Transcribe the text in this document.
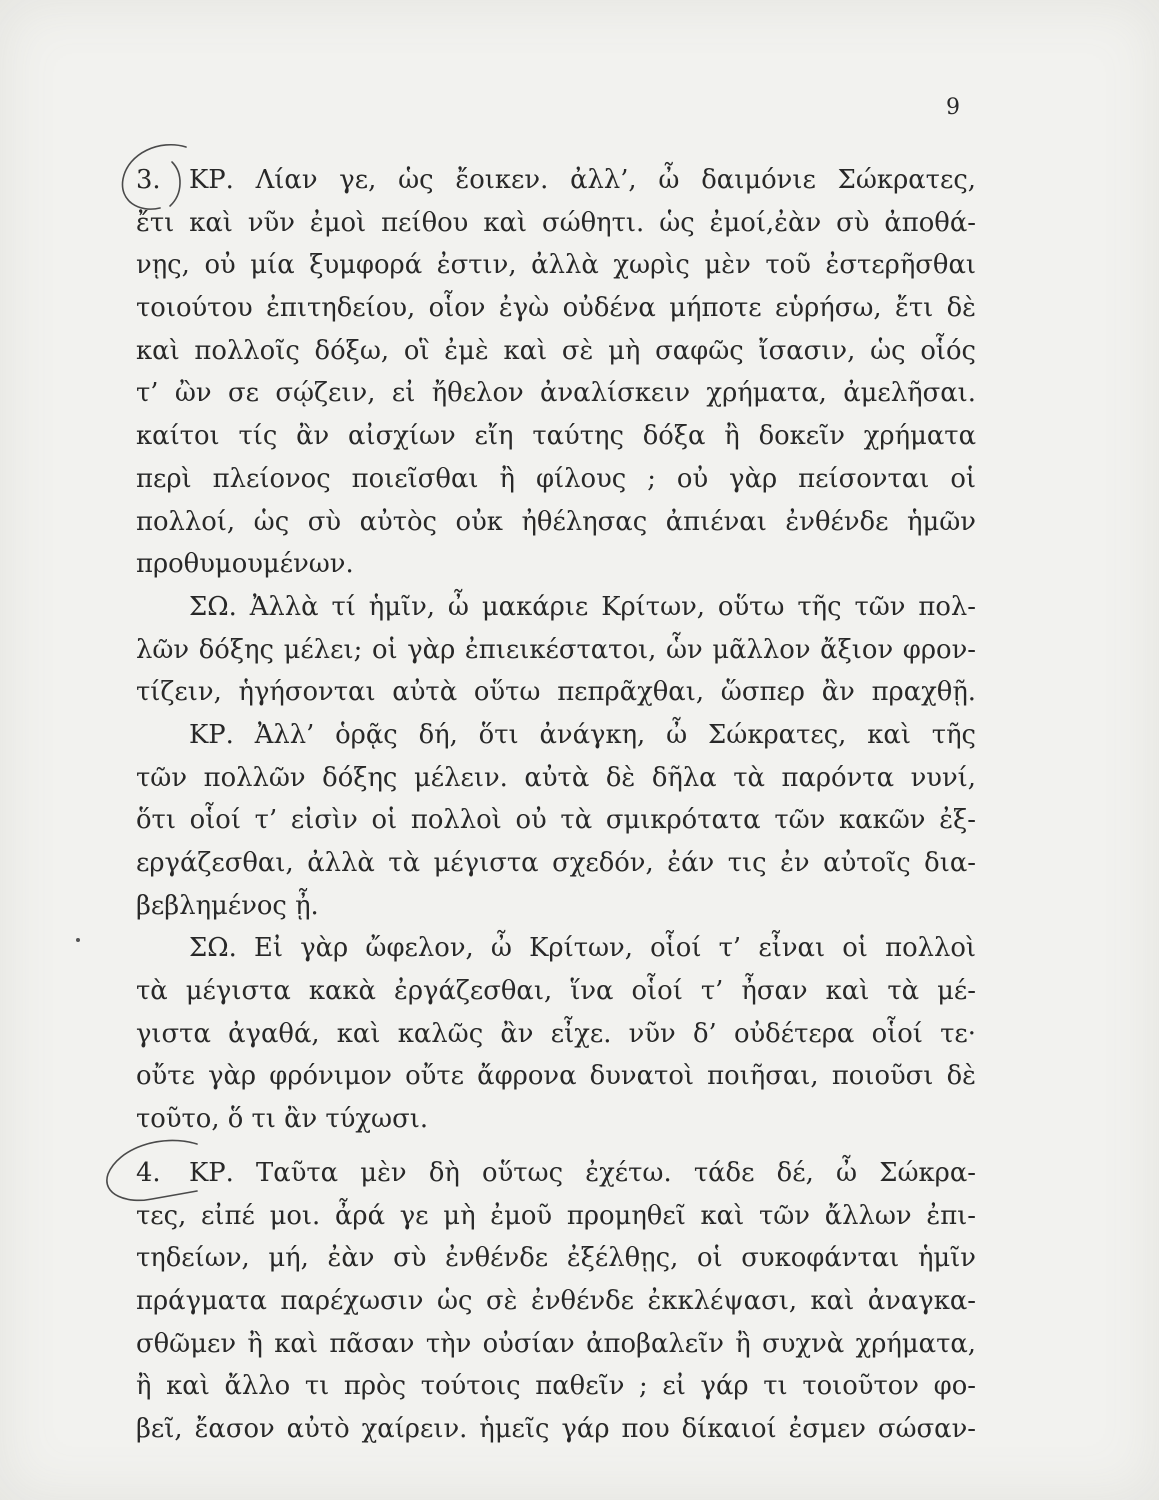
9
3. ΚΡ. Λίαν γε, ὡς ἔοικεν. ἀλλ’, ὦ δαιμόνιε Σώκρατες,
ἔτι καὶ νῦν ἐμοὶ πείθου καὶ σώθητι. ὡς ἐμοί,ἐὰν σὺ ἀποθά-
νῃς, οὐ μία ξυμφορά ἐστιν, ἀλλὰ χωρὶς μὲν τοῦ ἐστερῆσθαι
τοιούτου ἐπιτηδείου, οἷον ἐγὼ οὐδένα μήποτε εὑρήσω, ἔτι δὲ
καὶ πολλοῖς δόξω, οἳ ἐμὲ καὶ σὲ μὴ σαφῶς ἴσασιν, ὡς οἷός
τ’ ὢν σε σῴζειν, εἰ ἤθελον ἀναλίσκειν χρήματα, ἀμελῆσαι.
καίτοι τίς ἂν αἰσχίων εἴη ταύτης δόξα ἢ δοκεῖν χρήματα
περὶ πλείονος ποιεῖσθαι ἢ φίλους ; οὐ γὰρ πείσονται οἱ
πολλοί, ὡς σὺ αὐτὸς οὐκ ἠθέλησας ἀπιέναι ἐνθένδε ἡμῶν
προθυμουμένων.
ΣΩ. Ἀλλὰ τί ἡμῖν, ὦ μακάριε Κρίτων, οὕτω τῆς τῶν πολ-
λῶν δόξης μέλει; οἱ γὰρ ἐπιεικέστατοι, ὧν μᾶλλον ἄξιον φρον-
τίζειν, ἡγήσονται αὐτὰ οὕτω πεπρᾶχθαι, ὥσπερ ἂν πραχθῇ.
ΚΡ. Ἀλλ’ ὁρᾷς δή, ὅτι ἀνάγκη, ὦ Σώκρατες, καὶ τῆς
τῶν πολλῶν δόξης μέλειν. αὐτὰ δὲ δῆλα τὰ παρόντα νυνί,
ὅτι οἷοί τ’ εἰσὶν οἱ πολλοὶ οὐ τὰ σμικρότατα τῶν κακῶν ἐξ-
εργάζεσθαι, ἀλλὰ τὰ μέγιστα σχεδόν, ἐάν τις ἐν αὐτοῖς δια-
βεβλημένος ᾖ.
ΣΩ. Εἰ γὰρ ὤφελον, ὦ Κρίτων, οἷοί τ’ εἶναι οἱ πολλοὶ
τὰ μέγιστα κακὰ ἐργάζεσθαι, ἵνα οἷοί τ’ ἦσαν καὶ τὰ μέ-
γιστα ἀγαθά, καὶ καλῶς ἂν εἶχε. νῦν δ’ οὐδέτερα οἷοί τε·
οὔτε γὰρ φρόνιμον οὔτε ἄφρονα δυνατοὶ ποιῆσαι, ποιοῦσι δὲ
τοῦτο, ὅ τι ἂν τύχωσι.
4. ΚΡ. Ταῦτα μὲν δὴ οὕτως ἐχέτω. τάδε δέ, ὦ Σώκρα-
τες, εἰπέ μοι. ἆρά γε μὴ ἐμοῦ προμηθεῖ καὶ τῶν ἄλλων ἐπι-
τηδείων, μή, ἐὰν σὺ ἐνθένδε ἐξέλθῃς, οἱ συκοφάνται ἡμῖν
πράγματα παρέχωσιν ὡς σὲ ἐνθένδε ἐκκλέψασι, καὶ ἀναγκα-
σθῶμεν ἢ καὶ πᾶσαν τὴν οὐσίαν ἀποβαλεῖν ἢ συχνὰ χρήματα,
ἢ καὶ ἄλλο τι πρὸς τούτοις παθεῖν ; εἰ γάρ τι τοιοῦτον φο-
βεῖ, ἔασον αὐτὸ χαίρειν. ἡμεῖς γάρ που δίκαιοί ἐσμεν σώσαν-
